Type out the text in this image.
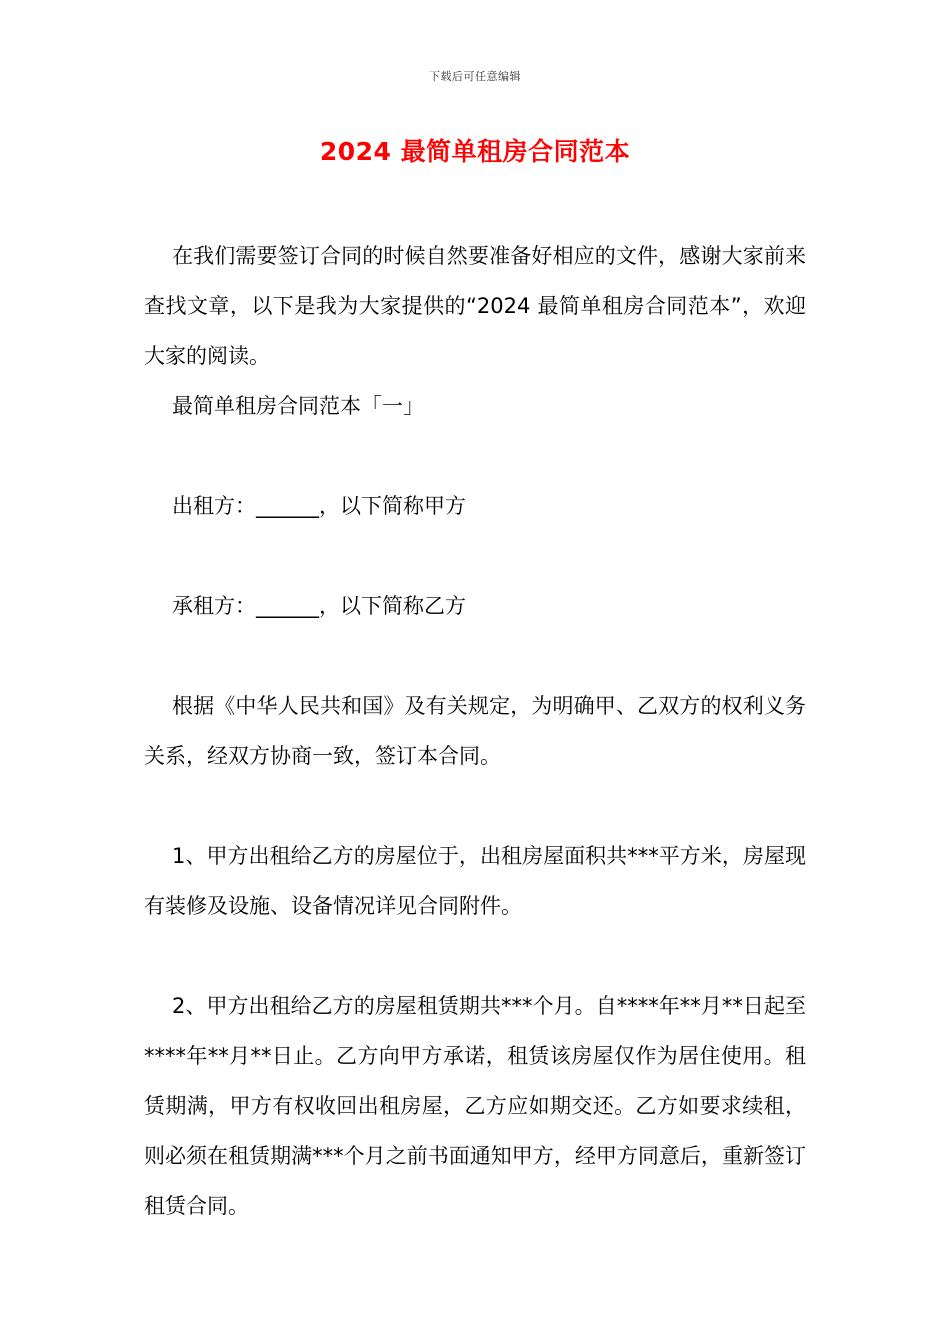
下载后可任意编辑
2024 最简单租房合同范本

在我们需要签订合同的时候自然要准备好相应的文件，感谢大家前来查找文章，以下是我为大家提供的“2024 最简单租房合同范本”，欢迎大家的阅读。

最简单租房合同范本「一」

出租方：______，以下简称甲方

承租方：______，以下简称乙方

根据《中华人民共和国》及有关规定，为明确甲、乙双方的权利义务关系，经双方协商一致，签订本合同。

1、甲方出租给乙方的房屋位于，出租房屋面积共***平方米，房屋现有装修及设施、设备情况详见合同附件。

2、甲方出租给乙方的房屋租赁期共***个月。自****年**月**日起至****年**月**日止。乙方向甲方承诺，租赁该房屋仅作为居住使用。租赁期满，甲方有权收回出租房屋，乙方应如期交还。乙方如要求续租，则必须在租赁期满***个月之前书面通知甲方，经甲方同意后，重新签订租赁合同。
